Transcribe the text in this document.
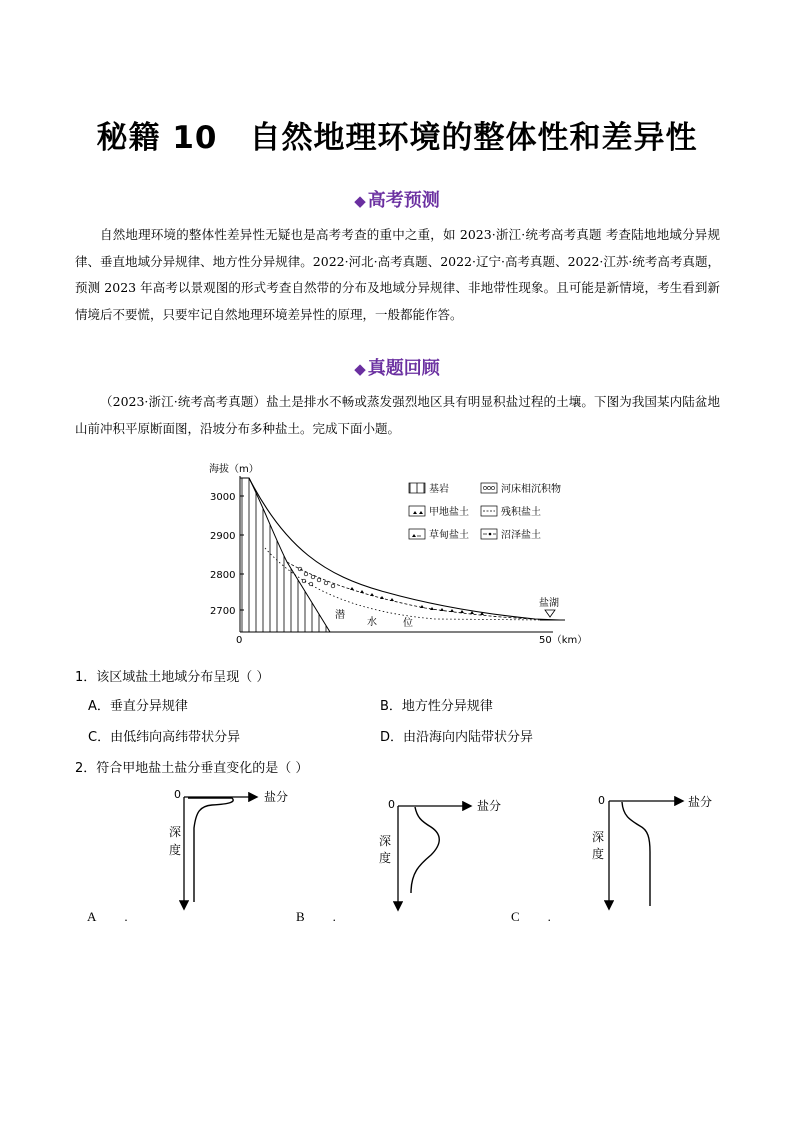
秘籍 10　自然地理环境的整体性和差异性
◆ 高考预测
自然地理环境的整体性差异性无疑也是高考考查的重中之重，如 2023·浙江·统考高考真题 考查陆地地域分异规律、垂直地域分异规律、地方性分异规律。2022·河北·高考真题、2022·辽宁·高考真题、2022·江苏·统考高考真题，预测 2023 年高考以景观图的形式考查自然带的分布及地域分异规律、非地带性现象。且可能是新情境，考生看到新情境后不要慌，只要牢记自然地理环境差异性的原理，一般都能作答。
◆ 真题回顾
（2023·浙江·统考高考真题）盐土是排水不畅或蒸发强烈地区具有明显积盐过程的土壤。下图为我国某内陆盆地山前冲积平原断面图，沿坡分布多种盐土。完成下面小题。
海拔（m）
3000
2900
2800
2700
0	50（km）
盐湖
潜
水	位
基岩	河床相沉积物
甲地盐土	残积盐土
草甸盐土	沼泽盐土
1．该区域盐土地域分布呈现（ ）
A．垂直分异规律	B．地方性分异规律
C．由低纬向高纬带状分异	D．由沿海向内陆带状分异
2．符合甲地盐土盐分垂直变化的是（ ）
0	盐分
深
度
A .
0	盐分
深
度
B .
0	盐分
深
度
C .
